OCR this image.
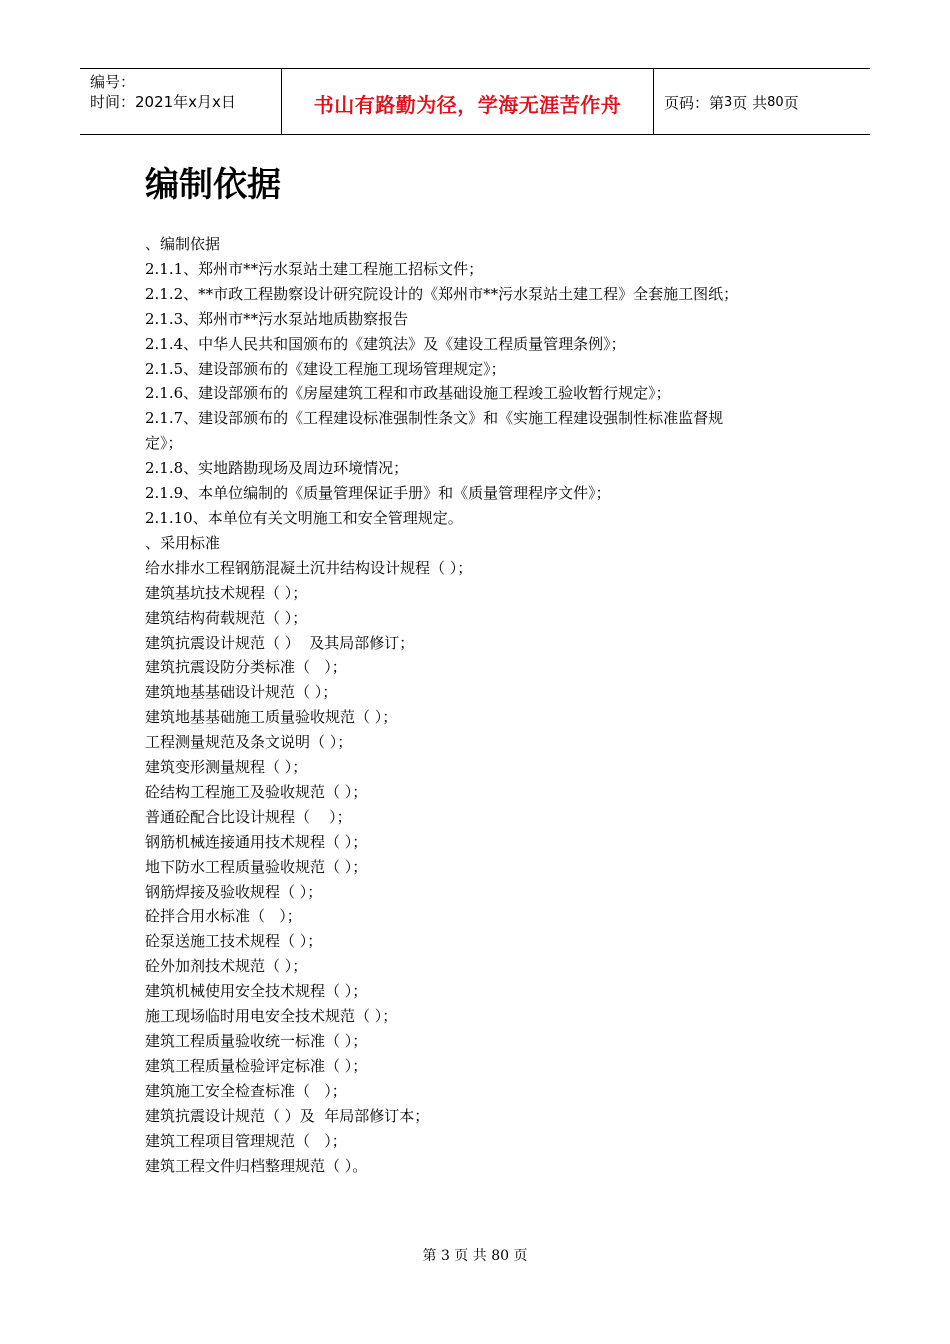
编号：
时间：2021年x月x日	书山有路勤为径，学海无涯苦作舟	页码：第 3 页 共 80 页
编制依据
、编制依据
2.1.1、郑州市**污水泵站土建工程施工招标文件；
2.1.2、**市政工程勘察设计研究院设计的《郑州市**污水泵站土建工程》全套施工图纸；
2.1.3、郑州市**污水泵站地质勘察报告
2.1.4、中华人民共和国颁布的《建筑法》及《建设工程质量管理条例》；
2.1.5、建设部颁布的《建设工程施工现场管理规定》；
2.1.6、建设部颁布的《房屋建筑工程和市政基础设施工程竣工验收暂行规定》；
2.1.7、建设部颁布的《工程建设标准强制性条文》和《实施工程建设强制性标准监督规
定》；
2.1.8、实地踏勘现场及周边环境情况；
2.1.9、本单位编制的《质量管理保证手册》和《质量管理程序文件》；
2.1.10、本单位有关文明施工和安全管理规定。
、采用标准
给水排水工程钢筋混凝土沉井结构设计规程（ ）；
建筑基坑技术规程（ ）；
建筑结构荷载规范（ ）；
建筑抗震设计规范（ ）  及其局部修订；
建筑抗震设防分类标准（   ）；
建筑地基基础设计规范（ ）；
建筑地基基础施工质量验收规范（ ）；
工程测量规范及条文说明（ ）；
建筑变形测量规程（ ）；
砼结构工程施工及验收规范（ ）；
普通砼配合比设计规程（    ）；
钢筋机械连接通用技术规程（ ）；
地下防水工程质量验收规范（ ）；
钢筋焊接及验收规程（ ）；
砼拌合用水标准（   ）；
砼泵送施工技术规程（ ）；
砼外加剂技术规范（ ）；
建筑机械使用安全技术规程（ ）；
施工现场临时用电安全技术规范（ ）；
建筑工程质量验收统一标准（ ）；
建筑工程质量检验评定标准（ ）；
建筑施工安全检查标准（   ）；
建筑抗震设计规范（ ）及  年局部修订本；
建筑工程项目管理规范（   ）；
建筑工程文件归档整理规范（ ）。
第 3 页 共 80 页
